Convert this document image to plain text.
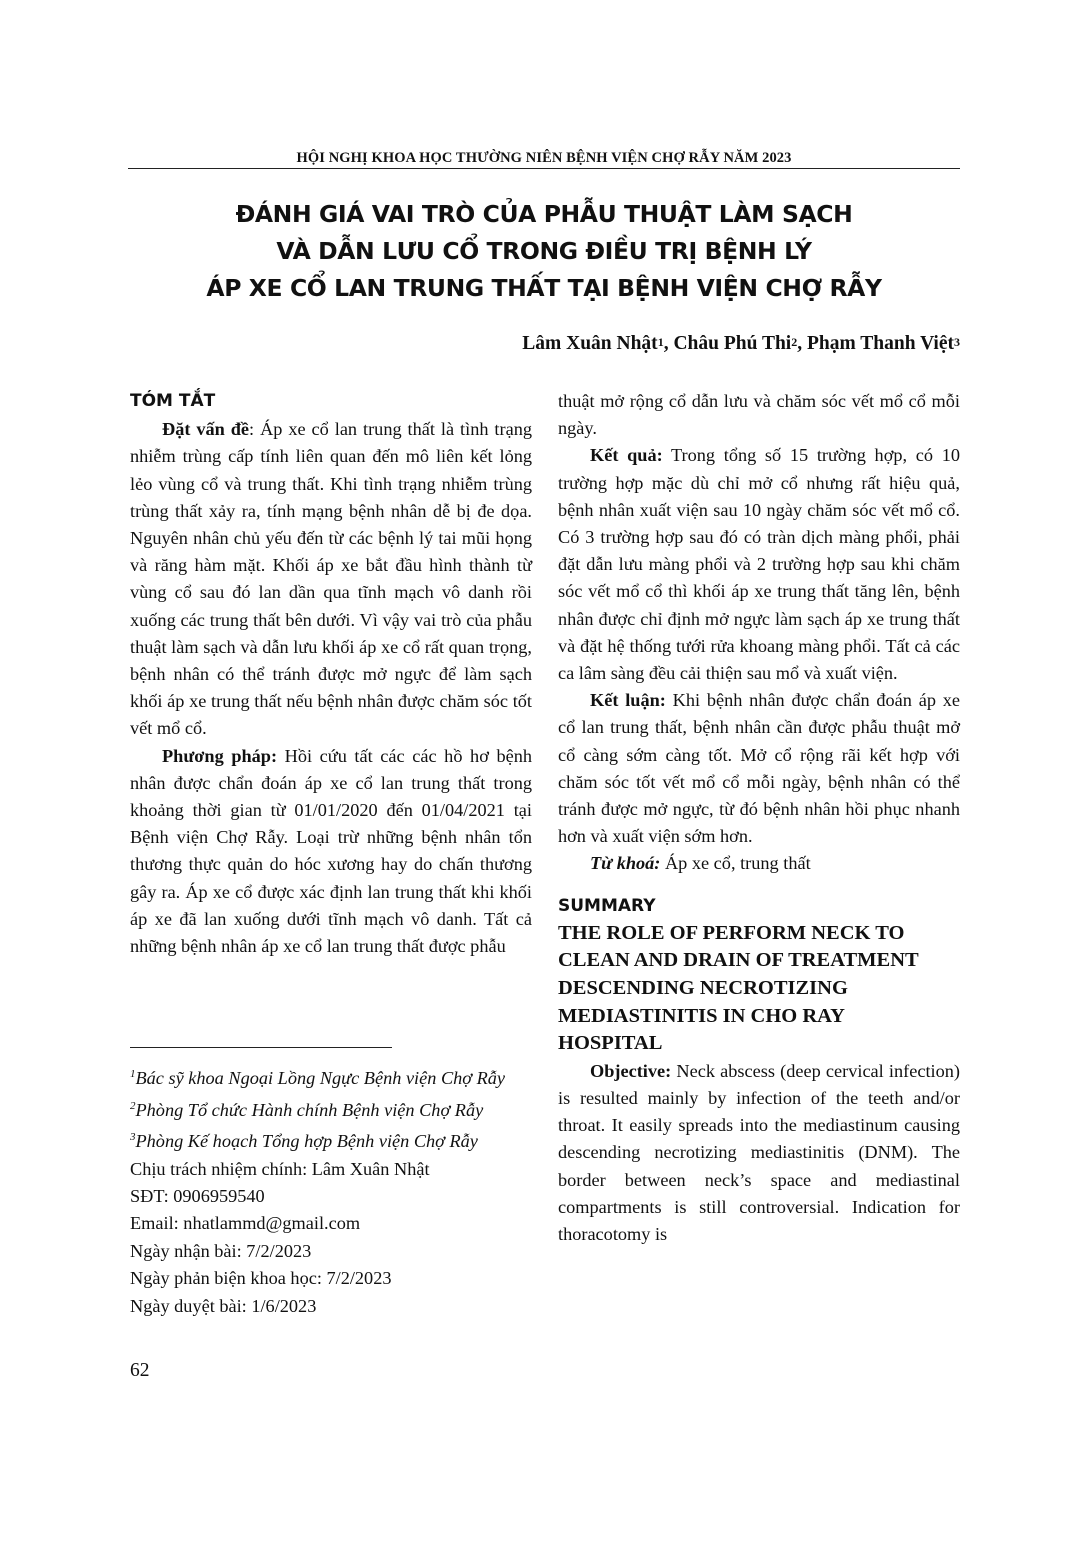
HỘI NGHỊ KHOA HỌC THƯỜNG NIÊN BỆNH VIỆN CHỢ RẪY NĂM 2023
ĐÁNH GIÁ VAI TRÒ CỦA PHẪU THUẬT LÀM SẠCH
VÀ DẪN LƯU CỔ TRONG ĐIỀU TRỊ BỆNH LÝ
ÁP XE CỔ LAN TRUNG THẤT TẠI BỆNH VIỆN CHỢ RẪY
Lâm Xuân Nhật$^1$, Châu Phú Thi$^2$, Phạm Thanh Việt$^3$
TÓM TẮT

Đặt vấn đề: Áp xe cổ lan trung thất là tình trạng nhiễm trùng cấp tính liên quan đến mô liên kết lỏng lẻo vùng cổ và trung thất. Khi tình trạng nhiễm trùng trùng thất xảy ra, tính mạng bệnh nhân dễ bị đe dọa. Nguyên nhân chủ yếu đến từ các bệnh lý tai mũi họng và răng hàm mặt. Khối áp xe bắt đầu hình thành từ vùng cổ sau đó lan dần qua tĩnh mạch vô danh rồi xuống các trung thất bên dưới. Vì vậy vai trò của phẫu thuật làm sạch và dẫn lưu khối áp xe cổ rất quan trọng, bệnh nhân có thể tránh được mở ngực để làm sạch khối áp xe trung thất nếu bệnh nhân được chăm sóc tốt vết mổ cổ.

Phương pháp: Hồi cứu tất các các hồ hơ bệnh nhân được chẩn đoán áp xe cổ lan trung thất trong khoảng thời gian từ 01/01/2020 đến 01/04/2021 tại Bệnh viện Chợ Rẫy. Loại trừ những bệnh nhân tổn thương thực quản do hóc xương hay do chấn thương gây ra. Áp xe cổ được xác định lan trung thất khi khối áp xe đã lan xuống dưới tĩnh mạch vô danh. Tất cả những bệnh nhân áp xe cổ lan trung thất được phẫu

$^1$Bác sỹ khoa Ngoại Lồng Ngực Bệnh viện Chợ Rẫy
$^2$Phòng Tổ chức Hành chính Bệnh viện Chợ Rẫy
$^3$Phòng Kế hoạch Tổng hợp Bệnh viện Chợ Rẫy
Chịu trách nhiệm chính: Lâm Xuân Nhật
SĐT: 0906959540
Email: nhatlammd@gmail.com
Ngày nhận bài: 7/2/2023
Ngày phản biện khoa học: 7/2/2023
Ngày duyệt bài: 1/6/2023

thuật mở rộng cổ dẫn lưu và chăm sóc vết mổ cổ mỗi ngày.

Kết quả: Trong tổng số 15 trường hợp, có 10 trường hợp mặc dù chỉ mở cổ nhưng rất hiệu quả, bệnh nhân xuất viện sau 10 ngày chăm sóc vết mổ cổ. Có 3 trường hợp sau đó có tràn dịch màng phổi, phải đặt dẫn lưu màng phổi và 2 trường hợp sau khi chăm sóc vết mổ cổ thì khối áp xe trung thất tăng lên, bệnh nhân được chỉ định mở ngực làm sạch áp xe trung thất và đặt hệ thống tưới rửa khoang màng phổi. Tất cả các ca lâm sàng đều cải thiện sau mổ và xuất viện.

Kết luận: Khi bệnh nhân được chẩn đoán áp xe cổ lan trung thất, bệnh nhân cần được phẫu thuật mở cổ càng sớm càng tốt. Mở cổ rộng rãi kết hợp với chăm sóc tốt vết mổ cổ mỗi ngày, bệnh nhân có thể tránh được mở ngực, từ đó bệnh nhân hồi phục nhanh hơn và xuất viện sớm hơn.

Từ khoá: Áp xe cổ, trung thất

SUMMARY

THE ROLE OF PERFORM NECK TO

CLEAN AND DRAIN OF TREATMENT

DESCENDING NECROTIZING

MEDIASTINITIS IN CHO RAY

HOSPITAL

Objective: Neck abscess (deep cervical infection) is resulted mainly by infection of the teeth and/or throat. It easily spreads into the mediastinum causing descending necrotizing mediastinitis (DNM). The border between neck’s space and mediastinal compartments is still controversial. Indication for thoracotomy is

62
